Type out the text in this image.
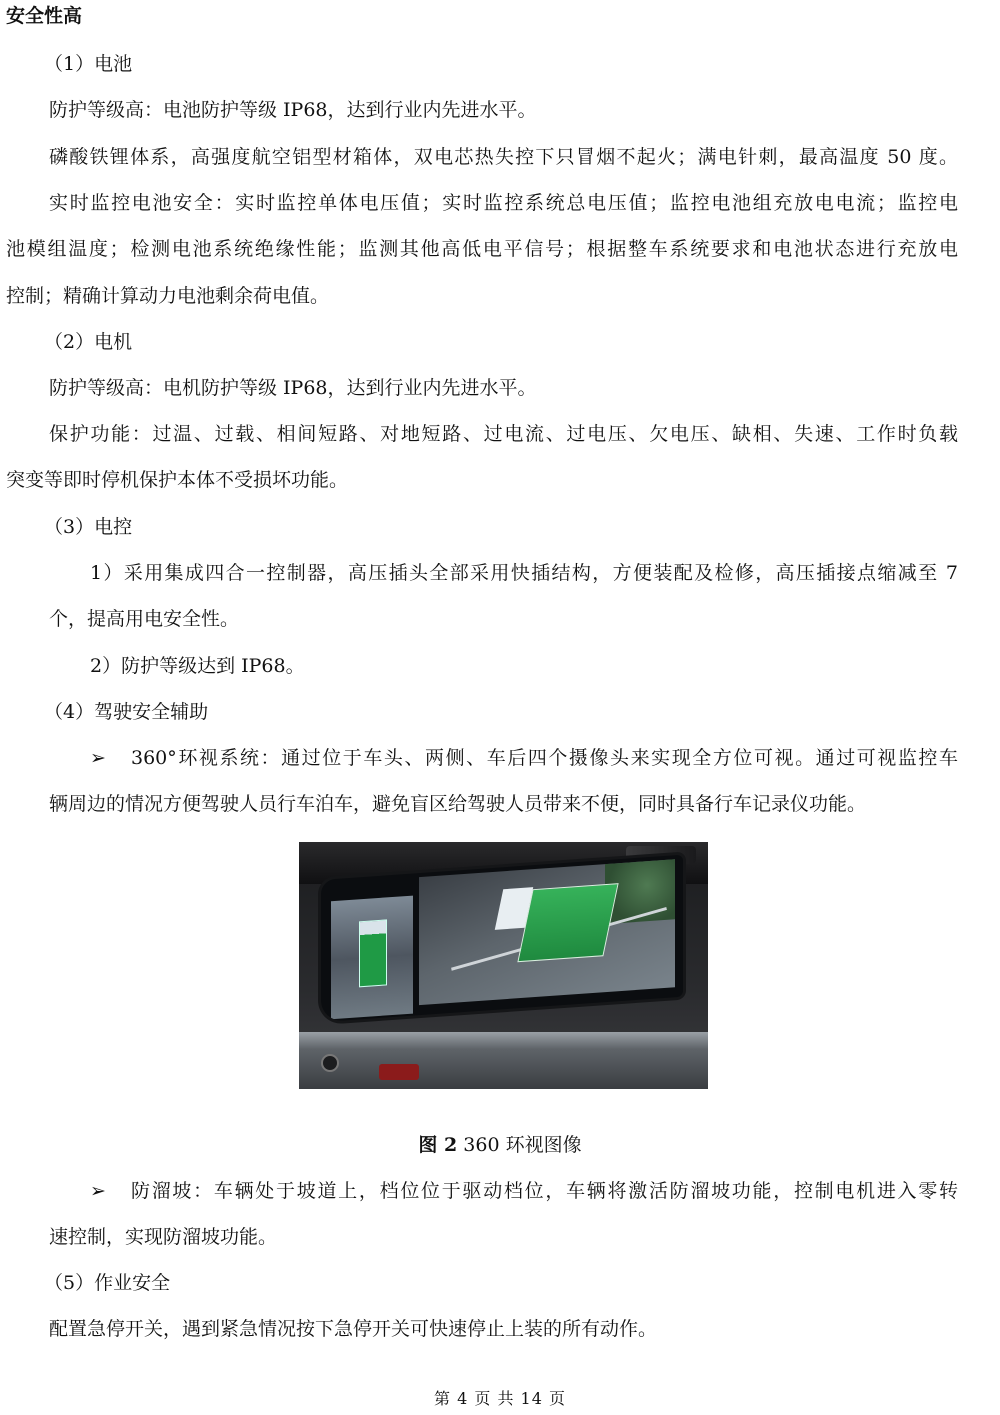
安全性高
（1）电池
防护等级高：电池防护等级 IP68，达到行业内先进水平。
磷酸铁锂体系，高强度航空铝型材箱体，双电芯热失控下只冒烟不起火；满电针刺，最高温度 50 度。
实时监控电池安全：实时监控单体电压值；实时监控系统总电压值；监控电池组充放电电流；监控电
池模组温度；检测电池系统绝缘性能；监测其他高低电平信号；根据整车系统要求和电池状态进行充放电
控制；精确计算动力电池剩余荷电值。
（2）电机
防护等级高：电机防护等级 IP68，达到行业内先进水平。
保护功能：过温、过载、相间短路、对地短路、过电流、过电压、欠电压、缺相、失速、工作时负载
突变等即时停机保护本体不受损坏功能。
（3）电控
1）采用集成四合一控制器，高压插头全部采用快插结构，方便装配及检修，高压插接点缩减至 7
个，提高用电安全性。
2）防护等级达到 IP68。
（4）驾驶安全辅助
➢ 360°环视系统：通过位于车头、两侧、车后四个摄像头来实现全方位可视。通过可视监控车
辆周边的情况方便驾驶人员行车泊车，避免盲区给驾驶人员带来不便，同时具备行车记录仪功能。
图 2 360 环视图像
➢ 防溜坡：车辆处于坡道上，档位位于驱动档位，车辆将激活防溜坡功能，控制电机进入零转
速控制，实现防溜坡功能。
（5）作业安全
配置急停开关，遇到紧急情况按下急停开关可快速停止上装的所有动作。
第 4 页 共 14 页
